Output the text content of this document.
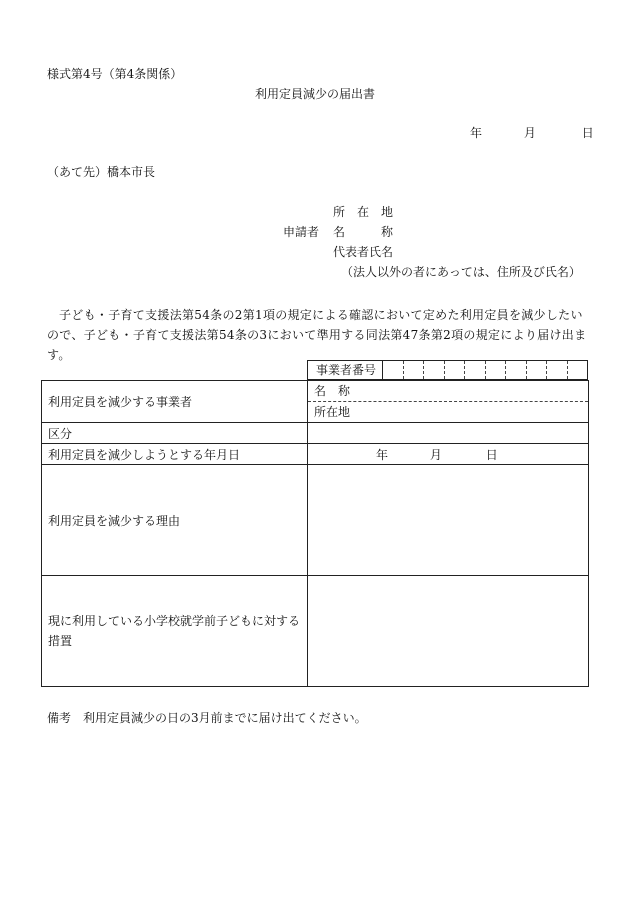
様式第4号（第4条関係）
利用定員減少の届出書
年	月	日
（あて先）橋本市長
所　在　地
申請者 名　　　称
代表者氏名
（法人以外の者にあっては、住所及び氏名）
子ども・子育て支援法第54条の2第1項の規定による確認において定めた利用定員を減少したいので、子ども・子育て支援法第54条の3において準用する同法第47条第2項の規定により届け出ます。
事業者番号
利用定員を減少する事業者	名　称
所在地

区分	
利用定員を減少しようとする年月日	年 月 日
利用定員を減少する理由	
現に利用している小学校就学前子どもに対する措置	
備考　利用定員減少の日の3月前までに届け出てください。
